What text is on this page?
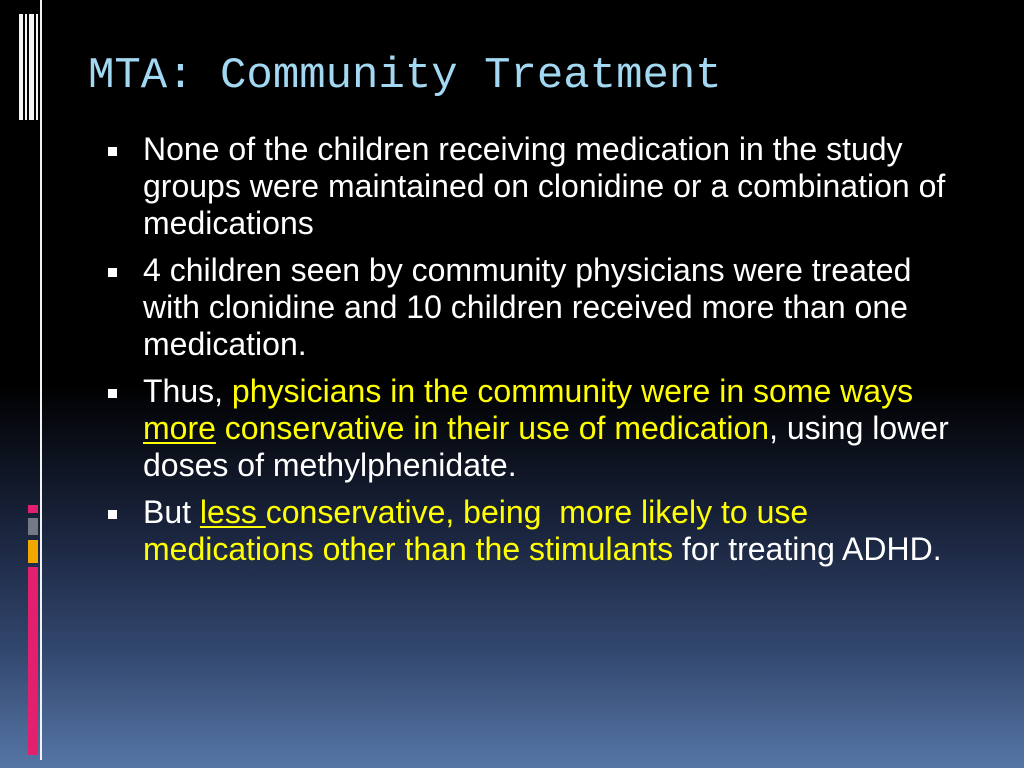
MTA: Community Treatment
None of the children receiving medication in the study
groups were maintained on clonidine or a combination of
medications
4 children seen by community physicians were treated
with clonidine and 10 children received more than one
medication.
Thus, physicians in the community were in some ways
more conservative in their use of medication, using lower
doses of methylphenidate.
But less conservative, being  more likely to use
medications other than the stimulants for treating ADHD.
